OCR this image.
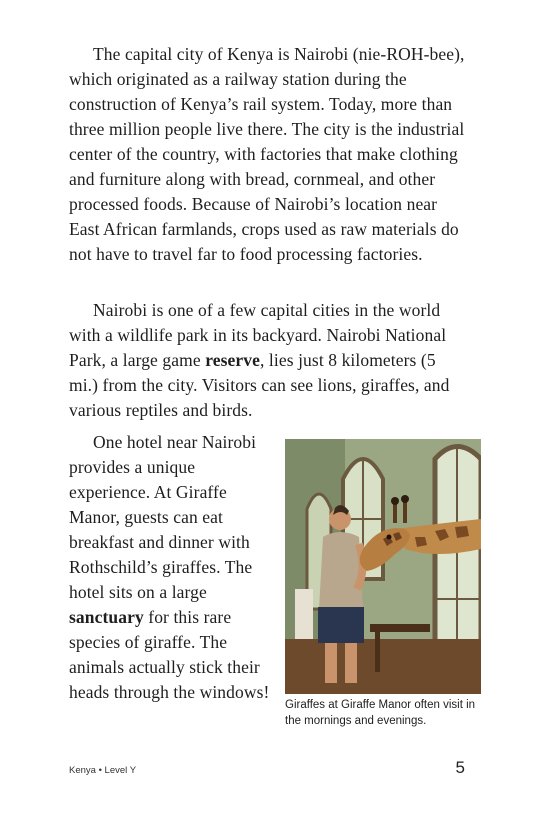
The capital city of Kenya is Nairobi (nie-ROH-bee), which originated as a railway station during the construction of Kenya’s rail system. Today, more than three million people live there. The city is the industrial center of the country, with factories that make clothing and furniture along with bread, cornmeal, and other processed foods. Because of Nairobi’s location near East African farmlands, crops used as raw materials do not have to travel far to food processing factories.

Nairobi is one of a few capital cities in the world with a wildlife park in its backyard. Nairobi National Park, a large game reserve, lies just 8 kilometers (5 mi.) from the city. Visitors can see lions, giraffes, and various reptiles and birds.

One hotel near Nairobi provides a unique experience. At Giraffe Manor, guests can eat breakfast and dinner with Rothschild’s giraffes. The hotel sits on a large sanctuary for this rare species of giraffe. The animals actually stick their heads through the windows!

Giraffes at Giraffe Manor often visit in the mornings and evenings.

Kenya • Level Y	5
